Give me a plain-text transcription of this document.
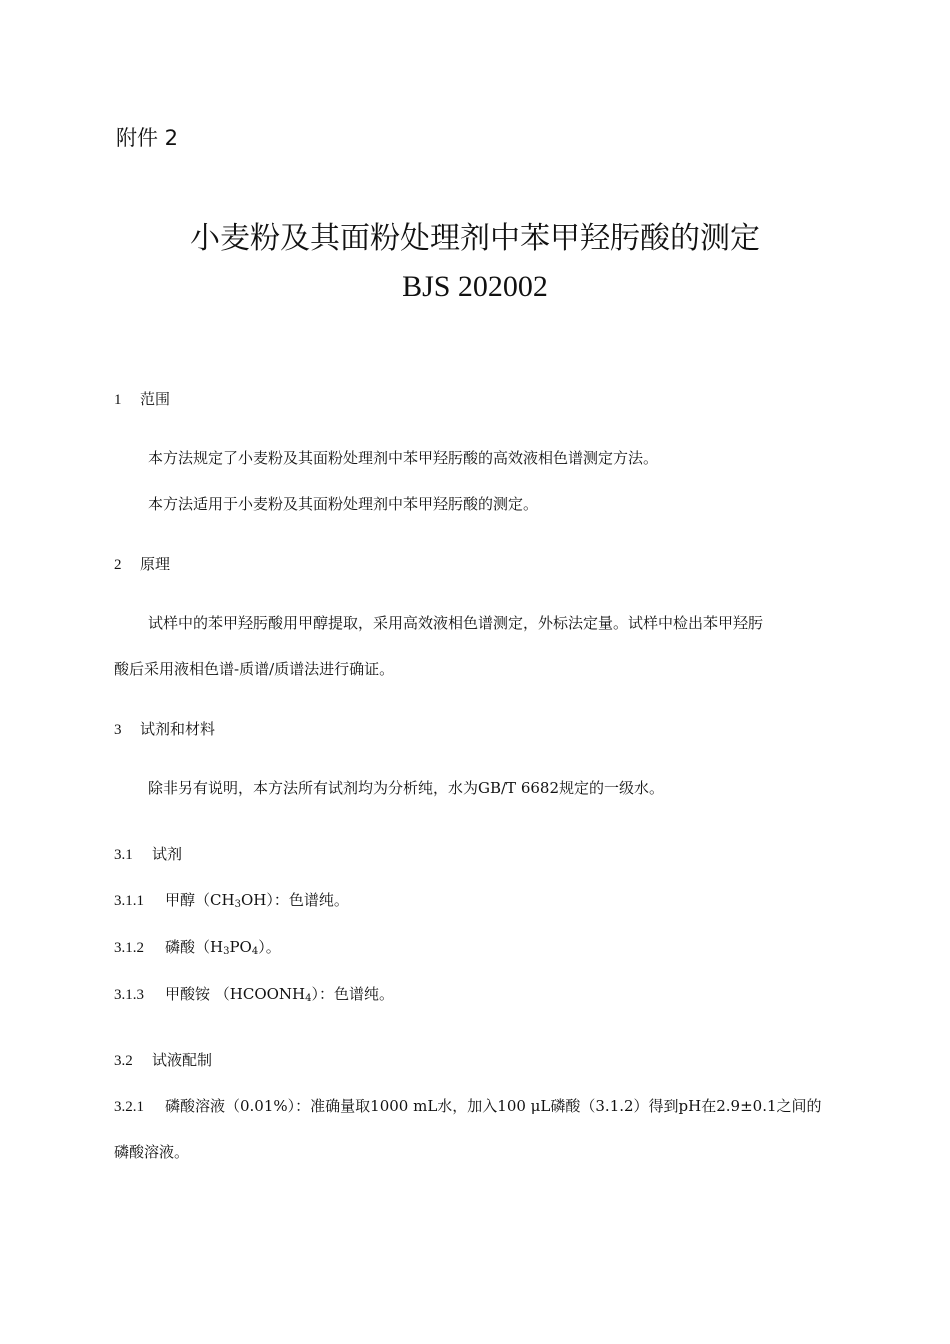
附件 2
小麦粉及其面粉处理剂中苯甲羟肟酸的测定
BJS 202002
1 范围
本方法规定了小麦粉及其面粉处理剂中苯甲羟肟酸的高效液相色谱测定方法。
本方法适用于小麦粉及其面粉处理剂中苯甲羟肟酸的测定。
2 原理
试样中的苯甲羟肟酸用甲醇提取，采用高效液相色谱测定，外标法定量。试样中检出苯甲羟肟
酸后采用液相色谱-质谱/质谱法进行确证。
3 试剂和材料
除非另有说明，本方法所有试剂均为分析纯，水为GB/T 6682规定的一级水。
3.1 试剂
3.1.1 甲醇$(CH_3OH)$：色谱纯。
3.1.2 磷酸$(H_3PO_4)$。
3.1.3 甲酸铵 $(HCOONH_4)$：色谱纯。
3.2 试液配制
3.2.1 磷酸溶液（0.01%）：准确量取1000 mL水，加入100 μL磷酸（3.1.2）得到pH在2.9±0.1之间的
磷酸溶液。
